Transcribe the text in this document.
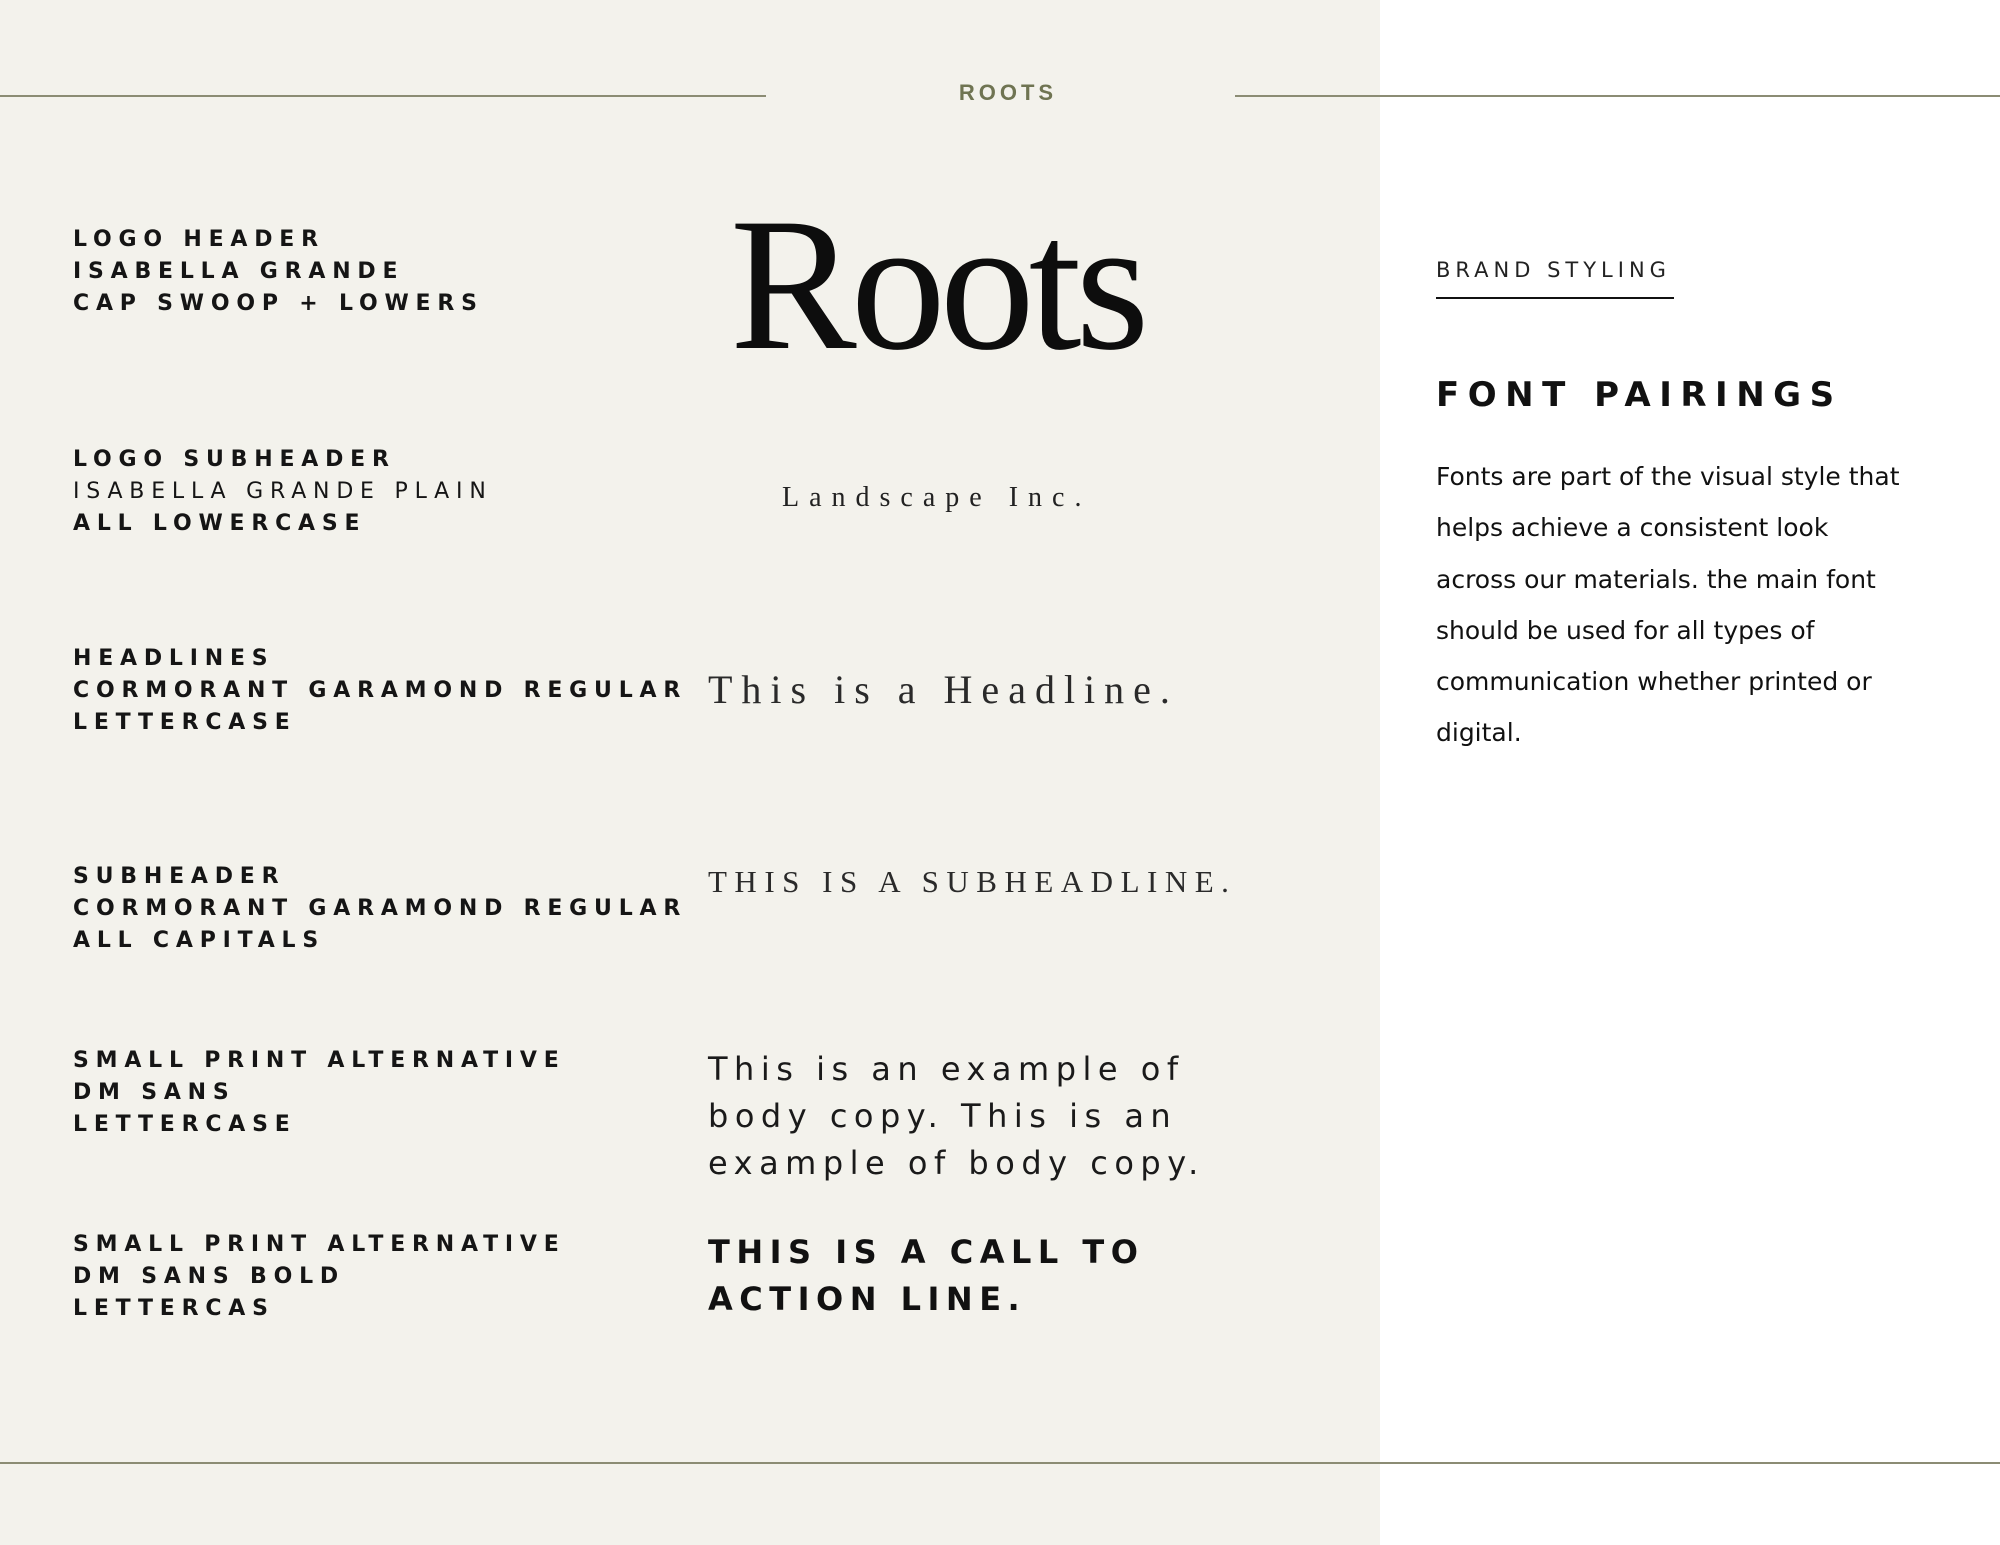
ROOTS
LOGO HEADER
ISABELLA GRANDE
CAP SWOOP + LOWERS
LOGO SUBHEADER
ISABELLA GRANDE PLAIN
ALL LOWERCASE
HEADLINES
CORMORANT GARAMOND REGULAR
LETTERCASE
SUBHEADER
CORMORANT GARAMOND REGULAR
ALL CAPITALS
SMALL PRINT ALTERNATIVE
DM SANS
LETTERCASE
SMALL PRINT ALTERNATIVE
DM SANS BOLD
LETTERCAS
Roots
Landscape Inc.
This is a Headline.
THIS IS A SUBHEADLINE.
This is an example of
body copy. This is an
example of body copy.
THIS IS A CALL TO
ACTION LINE.
BRAND STYLING
FONT PAIRINGS
Fonts are part of the visual style that helps achieve a consistent look across our materials. the main font should be used for all types of communication whether printed or digital.
